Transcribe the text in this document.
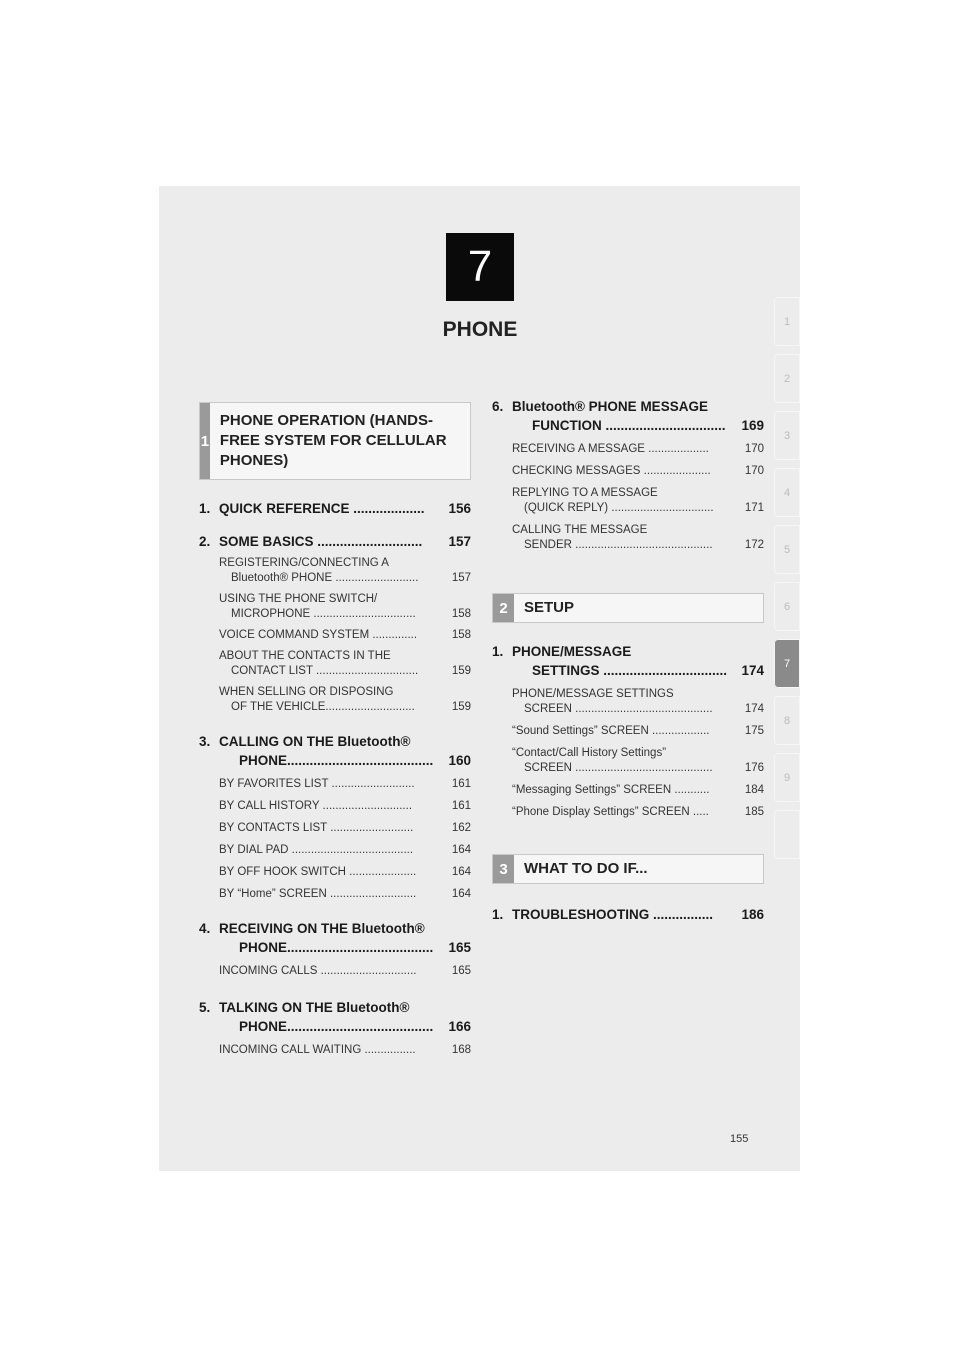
7
PHONE	1
2
3
4
5
6
7
8
9
1
PHONE OPERATION (HANDS-FREE SYSTEM FOR CELLULAR PHONES)
1. QUICK REFERENCE ...................	156
2. SOME BASICS ............................	157
REGISTERING/CONNECTING A
Bluetooth® PHONE ..........................	157
USING THE PHONE SWITCH/
MICROPHONE ................................	158
VOICE COMMAND SYSTEM ..............	158
ABOUT THE CONTACTS IN THE
CONTACT LIST ................................	159
WHEN SELLING OR DISPOSING
OF THE VEHICLE............................	159
3. CALLING ON THE Bluetooth®
PHONE.......................................	160
BY FAVORITES LIST ..........................	161
BY CALL HISTORY ............................	161
BY CONTACTS LIST ..........................	162
BY DIAL PAD ......................................	164
BY OFF HOOK SWITCH .....................	164
BY “Home” SCREEN ...........................	164
4. RECEIVING ON THE Bluetooth®
PHONE.......................................	165
INCOMING CALLS ..............................	165
5. TALKING ON THE Bluetooth®
PHONE.......................................	166
INCOMING CALL WAITING ................	168
6. Bluetooth® PHONE MESSAGE
FUNCTION ................................	169
RECEIVING A MESSAGE ...................	170
CHECKING MESSAGES .....................	170
REPLYING TO A MESSAGE
(QUICK REPLY) ................................	171
CALLING THE MESSAGE
SENDER ...........................................	172
2	SETUP
1. PHONE/MESSAGE
SETTINGS .................................	174
PHONE/MESSAGE SETTINGS
SCREEN ...........................................	174
“Sound Settings” SCREEN ..................	175
“Contact/Call History Settings”
SCREEN ...........................................	176
“Messaging Settings” SCREEN ...........	184
“Phone Display Settings” SCREEN .....	185
3	WHAT TO DO IF...
1. TROUBLESHOOTING ................	186
155
